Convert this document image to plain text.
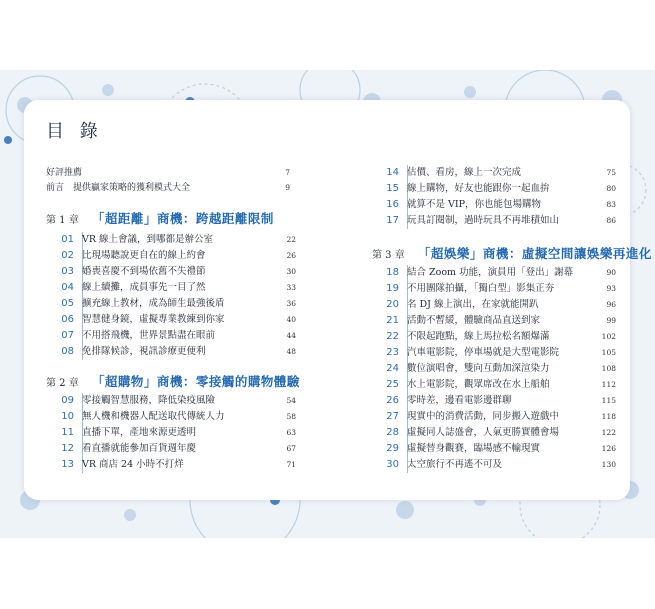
目 錄
好評推薦	7
前言　提供贏家策略的獲利模式大全	9
第 1 章 「超距離」商機：跨越距離限制
01 VR 線上會議，到哪都是辦公室	22
02 比現場聽說更自在的線上約會	26
03 婚喪喜慶不到場依舊不失禮節	30
04 線上續攤，成員事先一目了然	33
05 擴充線上教材，成為師生最強後盾	36
06 智慧健身鏡，虛擬專業教練到你家	40
07 不用搭飛機，世界景點盡在眼前	44
08 免排隊候診，視訊診療更便利	48
第 2 章 「超購物」商機：零接觸的購物體驗
09 零接觸智慧服務，降低染疫風險	54
10 無人機和機器人配送取代傳統人力	58
11 直播下單，產地來源更透明	63
12 看直播就能參加百貨週年慶	67
13 VR 商店 24 小時不打烊	71
14 估價、看房，線上一次完成	75
15 線上購物，好友也能跟你一起血拚	80
16 就算不是 VIP，你也能包場購物	83
17 玩具訂閱制，過時玩具不再堆積如山	86
第 3 章 「超娛樂」商機：虛擬空間讓娛樂再進化
18 結合 Zoom 功能，演員用「登出」謝幕	90
19 不用團隊拍攝，「獨白型」影集正夯	93
20 名 DJ 線上演出，在家就能開趴	96
21 活動不暫緩，體驗商品直送到家	99
22 不限起跑點，線上馬拉松名額爆滿	102
23 汽車電影院，停車場就是大型電影院	105
24 數位演唱會，雙向互動加深渲染力	108
25 水上電影院，觀眾席改在水上船舶	112
26 零時差，邊看電影邊群聊	115
27 現實中的消費活動，同步搬入遊戲中	118
28 虛擬同人誌盛會，人氣更勝實體會場	122
29 虛擬替身觀賽，臨場感不輸現實	126
30 太空旅行不再遙不可及	130
